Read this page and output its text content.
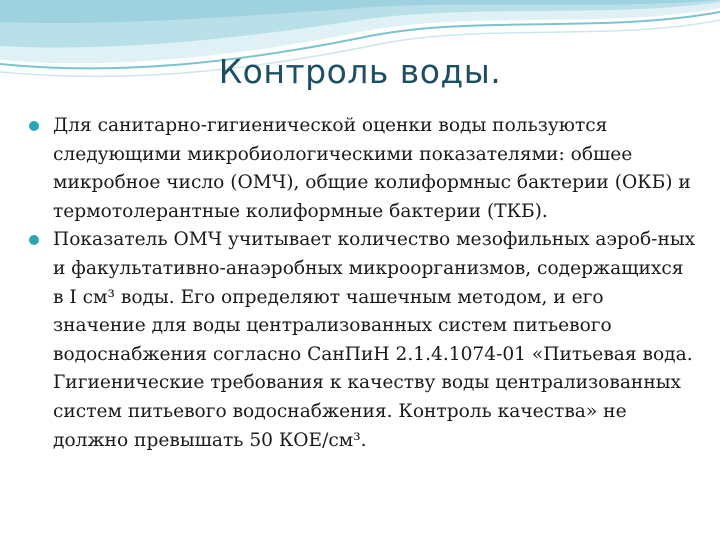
Контроль воды.
Для санитарно-гигиенической оценки воды пользуются следующими микробиологическими показателями: обшее микробное число (ОМЧ), общие колиформныс бактерии (ОКБ) и термотолерантные колиформные бактерии (ТКБ).
Показатель ОМЧ учитывает количество мезофильных аэроб-ных и факультативно-анаэробных микроорганизмов, содержащихся в I см³ воды. Его определяют чашечным методом, и его значение для воды централизованных систем питьевого водоснабжения согласно СанПиН 2.1.4.1074-01 «Питьевая вода. Гигиенические требования к качеству воды централизованных систем питьевого водоснабжения. Контроль качества» не должно превышать 50 КОЕ/см³.
